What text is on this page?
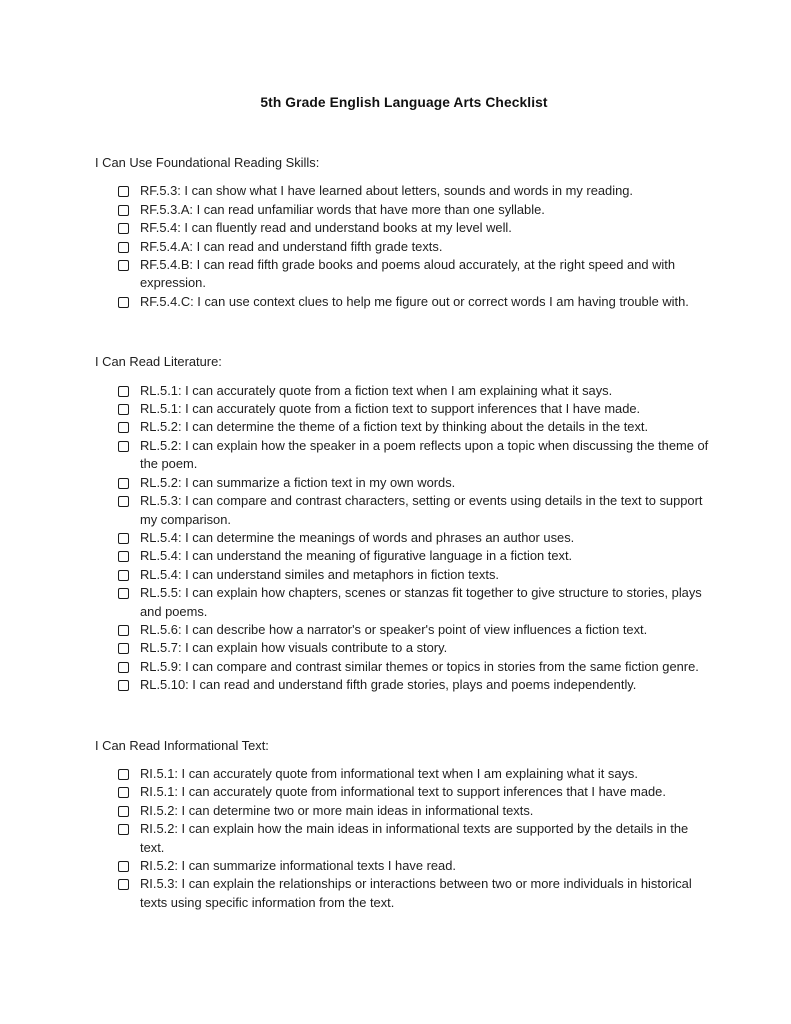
5th Grade English Language Arts Checklist
I Can Use Foundational Reading Skills:
RF.5.3: I can show what I have learned about letters, sounds and words in my reading.
RF.5.3.A: I can read unfamiliar words that have more than one syllable.
RF.5.4: I can fluently read and understand books at my level well.
RF.5.4.A: I can read and understand fifth grade texts.
RF.5.4.B: I can read fifth grade books and poems aloud accurately, at the right speed and with expression.
RF.5.4.C: I can use context clues to help me figure out or correct words I am having trouble with.
I Can Read Literature:
RL.5.1: I can accurately quote from a fiction text when I am explaining what it says.
RL.5.1: I can accurately quote from a fiction text to support inferences that I have made.
RL.5.2: I can determine the theme of a fiction text by thinking about the details in the text.
RL.5.2: I can explain how the speaker in a poem reflects upon a topic when discussing the theme of the poem.
RL.5.2: I can summarize a fiction text in my own words.
RL.5.3: I can compare and contrast characters, setting or events using details in the text to support my comparison.
RL.5.4: I can determine the meanings of words and phrases an author uses.
RL.5.4: I can understand the meaning of figurative language in a fiction text.
RL.5.4: I can understand similes and metaphors in fiction texts.
RL.5.5: I can explain how chapters, scenes or stanzas fit together to give structure to stories, plays and poems.
RL.5.6: I can describe how a narrator's or speaker's point of view influences a fiction text.
RL.5.7: I can explain how visuals contribute to a story.
RL.5.9: I can compare and contrast similar themes or topics in stories from the same fiction genre.
RL.5.10: I can read and understand fifth grade stories, plays and poems independently.
I Can Read Informational Text:
RI.5.1: I can accurately quote from informational text when I am explaining what it says.
RI.5.1: I can accurately quote from informational text to support inferences that I have made.
RI.5.2: I can determine two or more main ideas in informational texts.
RI.5.2: I can explain how the main ideas in informational texts are supported by the details in the text.
RI.5.2: I can summarize informational texts I have read.
RI.5.3: I can explain the relationships or interactions between two or more individuals in historical texts using specific information from the text.
